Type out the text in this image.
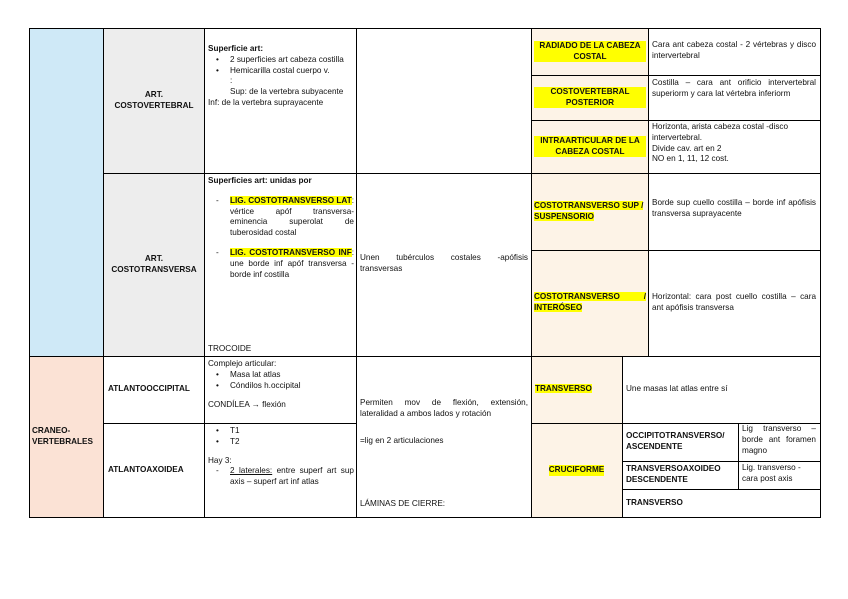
CRANEO-
VERTEBRALES
ART.
COSTOVERTEBRAL
ART.
COSTOTRANSVERSA
ATLANTOOCCIPITAL
ATLANTOAXOIDEA
Superficie art:
• 2 superficies art cabeza costilla
• Hemicarilla costal cuerpo v.
:
Sup: de la vertebra subyacente
Inf: de la vertebra suprayacente
Superficies art: unidas por
- LIG. COSTOTRANSVERSO LAT: vértice apóf transversa- eminencia superolat de tuberosidad costal
- LIG. COSTOTRANSVERSO INF: une borde inf apóf transversa - borde inf costilla
TROCOIDE
Complejo articular:
• Masa lat atlas
• Cóndilos h.occipital
CONDÍLEA → flexión
• T1
• T2
Hay 3:
- 2 laterales: entre superf art sup axis – superf art inf atlas
Unen tubérculos costales -apófisis transversas
Permiten mov de flexión, extensión, lateralidad a ambos lados y rotación
=lig en 2 articulaciones
LÁMINAS DE CIERRE:
RADIADO DE LA CABEZA COSTAL
COSTOVERTEBRAL POSTERIOR
INTRAARTICULAR DE LA CABEZA COSTAL
COSTOTRANSVERSO SUP / SUSPENSORIO
COSTOTRANSVERSO / INTERÓSEO
Cara ant cabeza costal - 2 vértebras y disco intervertebral
Costilla – cara ant orificio intervertebral superiorm y cara lat vértebra inferiorm
Horizonta, arista cabeza costal -disco intervertebral.
Divide cav. art en 2
NO en 1, 11, 12 cost.
Borde sup cuello costilla – borde inf apófisis transversa suprayacente
Horizontal: cara post cuello costilla – cara ant apófisis transversa
TRANSVERSO	Une masas lat atlas entre sí
CRUCIFORME
OCCIPITOTRANSVERSO/ ASCENDENTE
Lig transverso – borde ant foramen magno
TRANSVERSOAXOIDEO DESCENDENTE
Lig. transverso - cara post axis
TRANSVERSO
